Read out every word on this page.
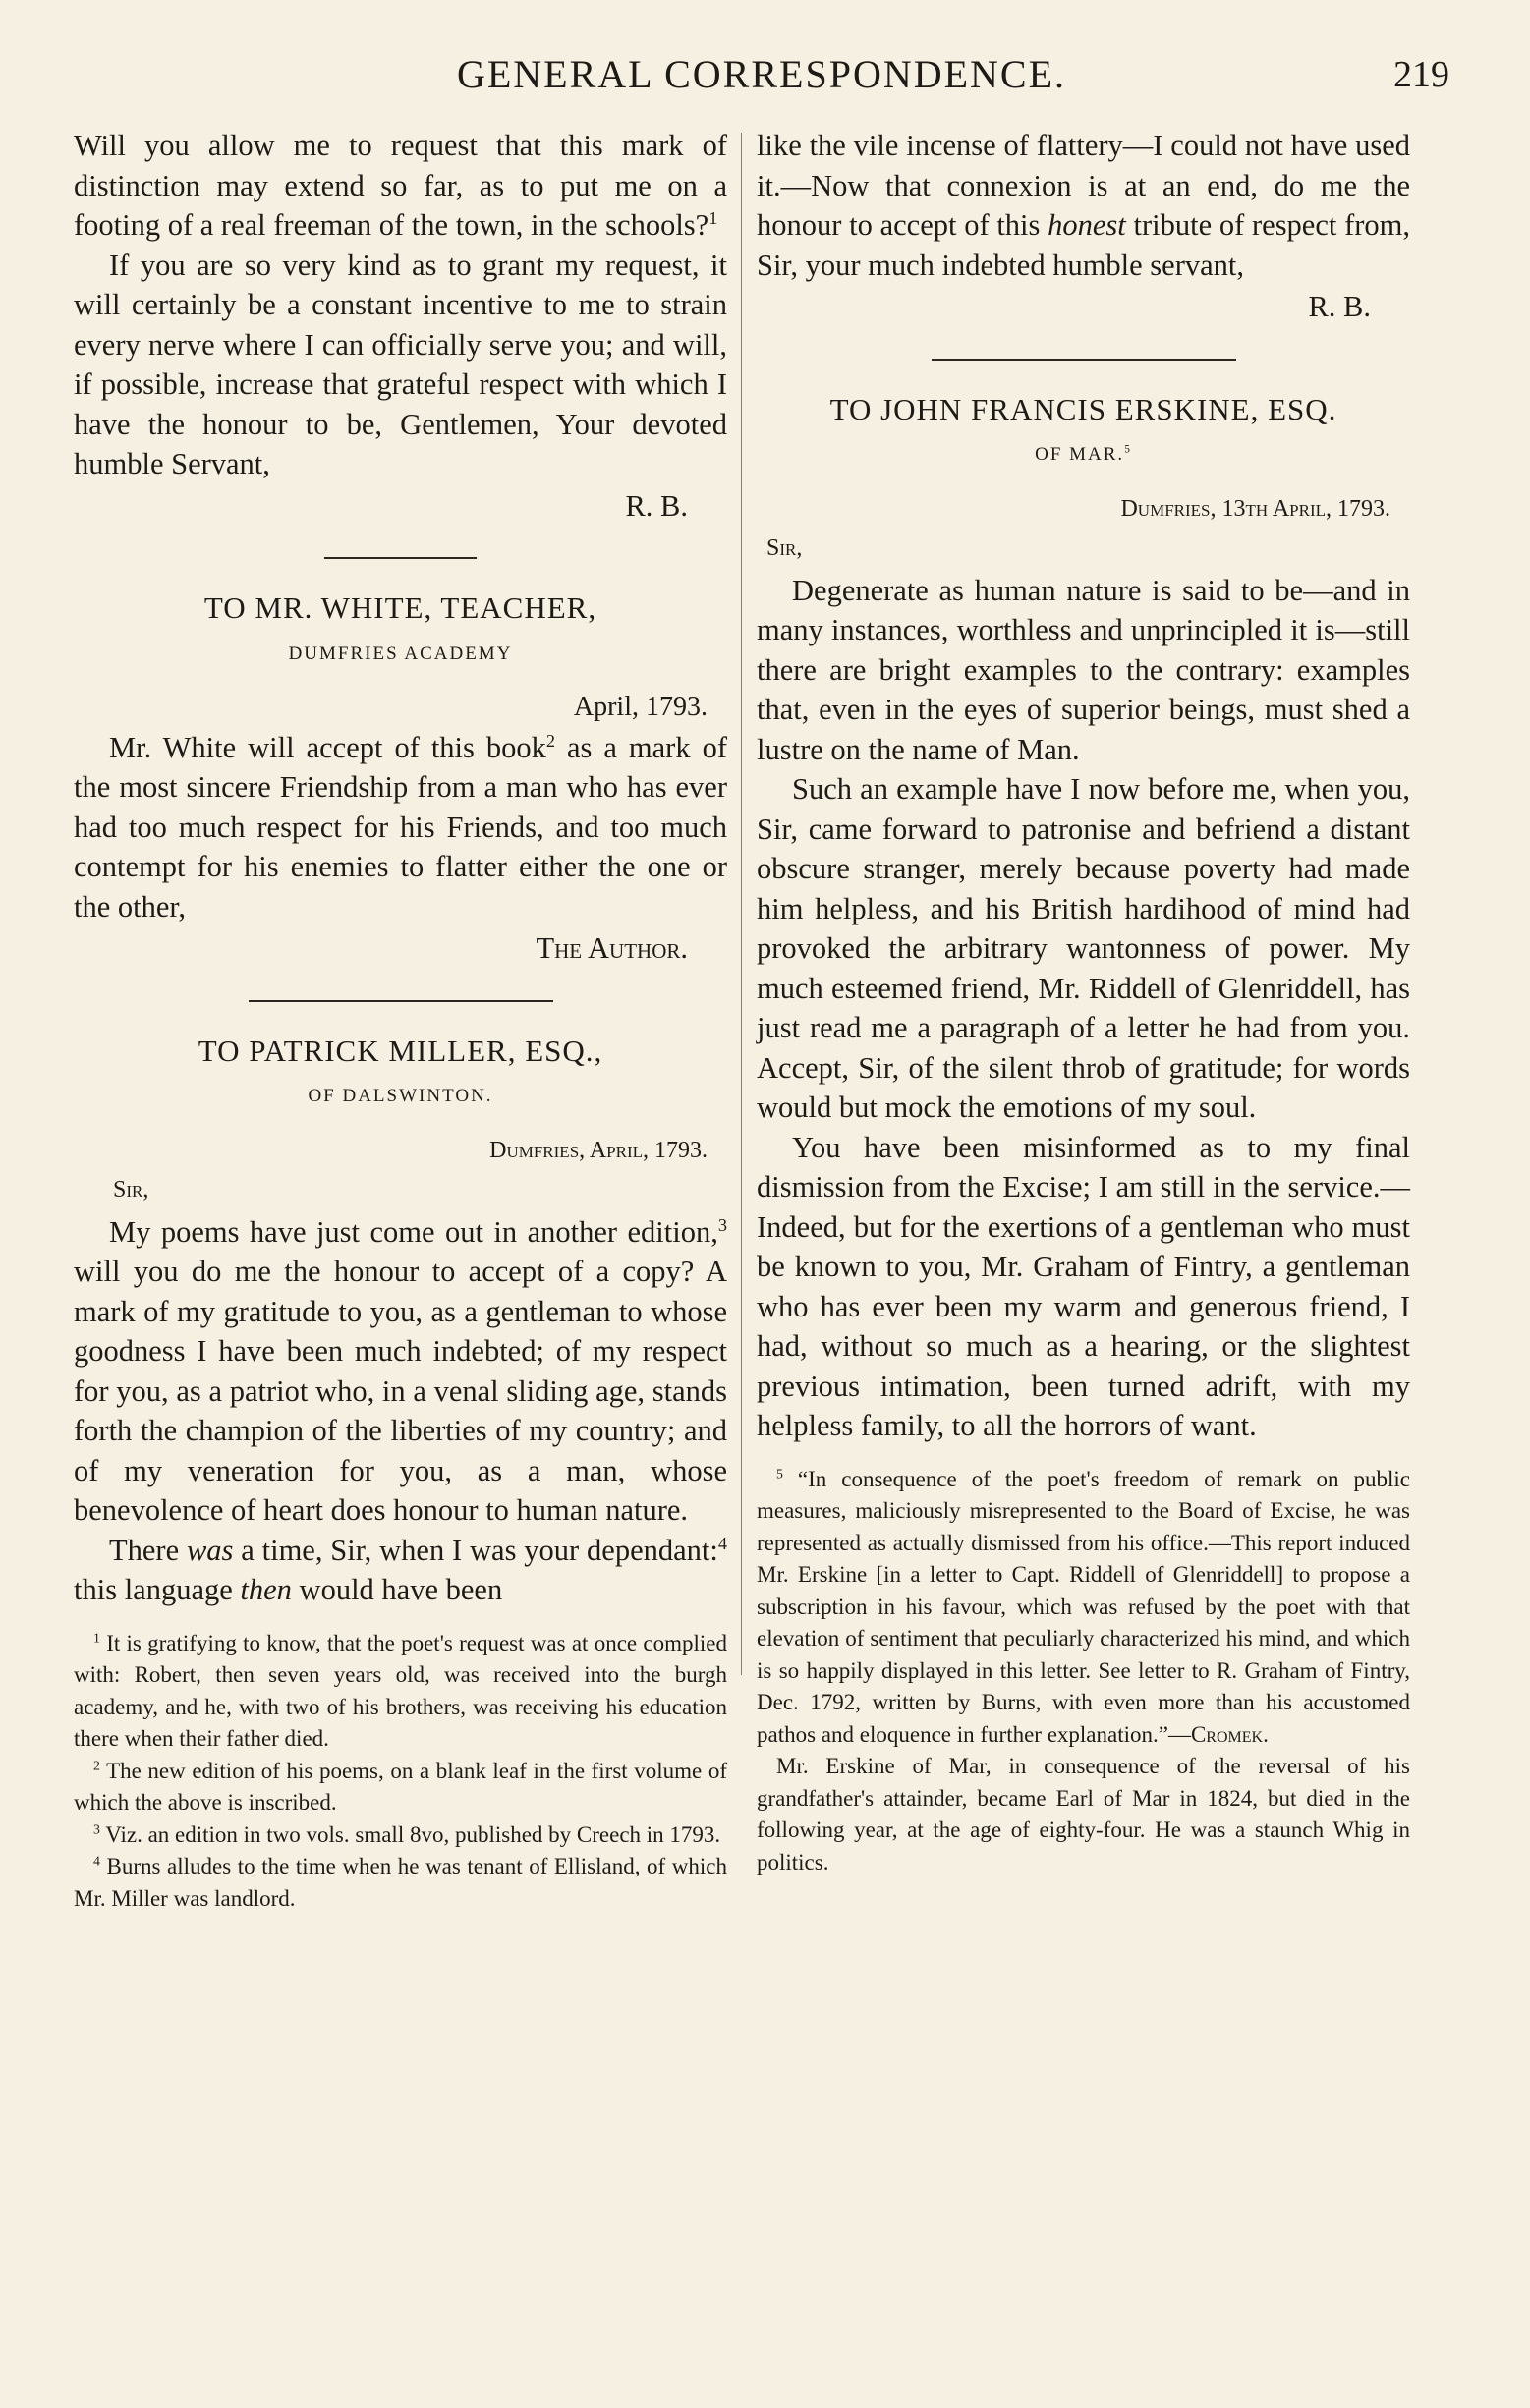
GENERAL CORRESPONDENCE.	219

Will you allow me to request that this mark of distinction may extend so far, as to put me on a footing of a real freeman of the town, in the schools?$^1$

If you are so very kind as to grant my request, it will certainly be a constant incentive to me to strain every nerve where I can officially serve you; and will, if possible, increase that grateful respect with which I have the honour to be, Gentlemen, Your devoted humble Servant,

R. B.

TO MR. WHITE, TEACHER,
DUMFRIES ACADEMY
April, 1793.

Mr. White will accept of this book$^2$ as a mark of the most sincere Friendship from a man who has ever had too much respect for his Friends, and too much contempt for his enemies to flatter either the one or the other,

The Author.

TO PATRICK MILLER, ESQ.,
OF DALSWINTON.
Dumfries, April, 1793.
Sir,

My poems have just come out in another edition,$^3$ will you do me the honour to accept of a copy? A mark of my gratitude to you, as a gentleman to whose goodness I have been much indebted; of my respect for you, as a patriot who, in a venal sliding age, stands forth the champion of the liberties of my country; and of my veneration for you, as a man, whose benevolence of heart does honour to human nature.

There was a time, Sir, when I was your dependant:$^4$ this language then would have been

$^1$ It is gratifying to know, that the poet's request was at once complied with: Robert, then seven years old, was received into the burgh academy, and he, with two of his brothers, was receiving his education there when their father died.

$^2$ The new edition of his poems, on a blank leaf in the first volume of which the above is inscribed.

$^3$ Viz. an edition in two vols. small 8vo, published by Creech in 1793.

$^4$ Burns alludes to the time when he was tenant of Ellisland, of which Mr. Miller was landlord.

like the vile incense of flattery—I could not have used it.—Now that connexion is at an end, do me the honour to accept of this honest tribute of respect from, Sir, your much indebted humble servant,

R. B.

TO JOHN FRANCIS ERSKINE, ESQ.
OF MAR.$^5$
Dumfries, 13th April, 1793.
Sir,

Degenerate as human nature is said to be—and in many instances, worthless and unprincipled it is—still there are bright examples to the contrary: examples that, even in the eyes of superior beings, must shed a lustre on the name of Man.

Such an example have I now before me, when you, Sir, came forward to patronise and befriend a distant obscure stranger, merely because poverty had made him helpless, and his British hardihood of mind had provoked the arbitrary wantonness of power. My much esteemed friend, Mr. Riddell of Glenriddell, has just read me a paragraph of a letter he had from you. Accept, Sir, of the silent throb of gratitude; for words would but mock the emotions of my soul.

You have been misinformed as to my final dismission from the Excise; I am still in the service.—Indeed, but for the exertions of a gentleman who must be known to you, Mr. Graham of Fintry, a gentleman who has ever been my warm and generous friend, I had, without so much as a hearing, or the slightest previous intimation, been turned adrift, with my helpless family, to all the horrors of want.

$^5$ “In consequence of the poet's freedom of remark on public measures, maliciously misrepresented to the Board of Excise, he was represented as actually dismissed from his office.—This report induced Mr. Erskine [in a letter to Capt. Riddell of Glenriddell] to propose a subscription in his favour, which was refused by the poet with that elevation of sentiment that peculiarly characterized his mind, and which is so happily displayed in this letter. See letter to R. Graham of Fintry, Dec. 1792, written by Burns, with even more than his accustomed pathos and eloquence in further explanation.”—Cromek.

Mr. Erskine of Mar, in consequence of the reversal of his grandfather's attainder, became Earl of Mar in 1824, but died in the following year, at the age of eighty-four. He was a staunch Whig in politics.
